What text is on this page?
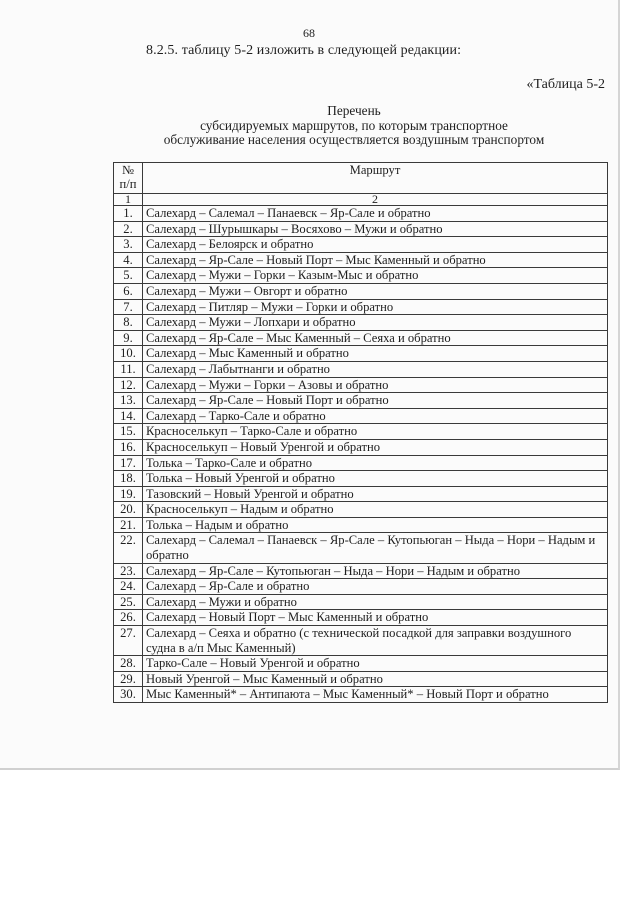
68
8.2.5. таблицу 5-2 изложить в следующей редакции:
«Таблица 5-2
Перечень
субсидируемых маршрутов, по которым транспортное
обслуживание населения осуществляется воздушным транспортом
№
п/п	Маршрут
1	2
1.	Салехард – Салемал – Панаевск – Яр-Сале и обратно
2.	Салехард – Шурышкары – Восяхово – Мужи и обратно
3.	Салехард – Белоярск и обратно
4.	Салехард – Яр-Сале – Новый Порт – Мыс Каменный и обратно
5.	Салехард – Мужи – Горки – Казым-Мыс и обратно
6.	Салехард – Мужи – Овгорт и обратно
7.	Салехард – Питляр – Мужи – Горки и обратно
8.	Салехард – Мужи – Лопхари и обратно
9.	Салехард – Яр-Сале – Мыс Каменный – Сеяха и обратно
10.	Салехард – Мыс Каменный и обратно
11.	Салехард – Лабытнанги и обратно
12.	Салехард – Мужи – Горки – Азовы и обратно
13.	Салехард – Яр-Сале – Новый Порт и обратно
14.	Салехард – Тарко-Сале и обратно
15.	Красноселькуп – Тарко-Сале и обратно
16.	Красноселькуп – Новый Уренгой и обратно
17.	Толька – Тарко-Сале и обратно
18.	Толька – Новый Уренгой и обратно
19.	Тазовский – Новый Уренгой и обратно
20.	Красноселькуп – Надым и обратно
21.	Толька – Надым и обратно
22.	Салехард – Салемал – Панаевск – Яр-Сале – Кутопьюган – Ныда – Нори – Надым и обратно
23.	Салехард – Яр-Сале – Кутопьюган – Ныда – Нори – Надым и обратно
24.	Салехард – Яр-Сале и обратно
25.	Салехард – Мужи и обратно
26.	Салехард – Новый Порт – Мыс Каменный и обратно
27.	Салехард – Сеяха и обратно (с технической посадкой для заправки воздушного судна в а/п Мыс Каменный)
28.	Тарко-Сале – Новый Уренгой и обратно
29.	Новый Уренгой – Мыс Каменный и обратно
30.	Мыс Каменный* – Антипаюта – Мыс Каменный* – Новый Порт и обратно
